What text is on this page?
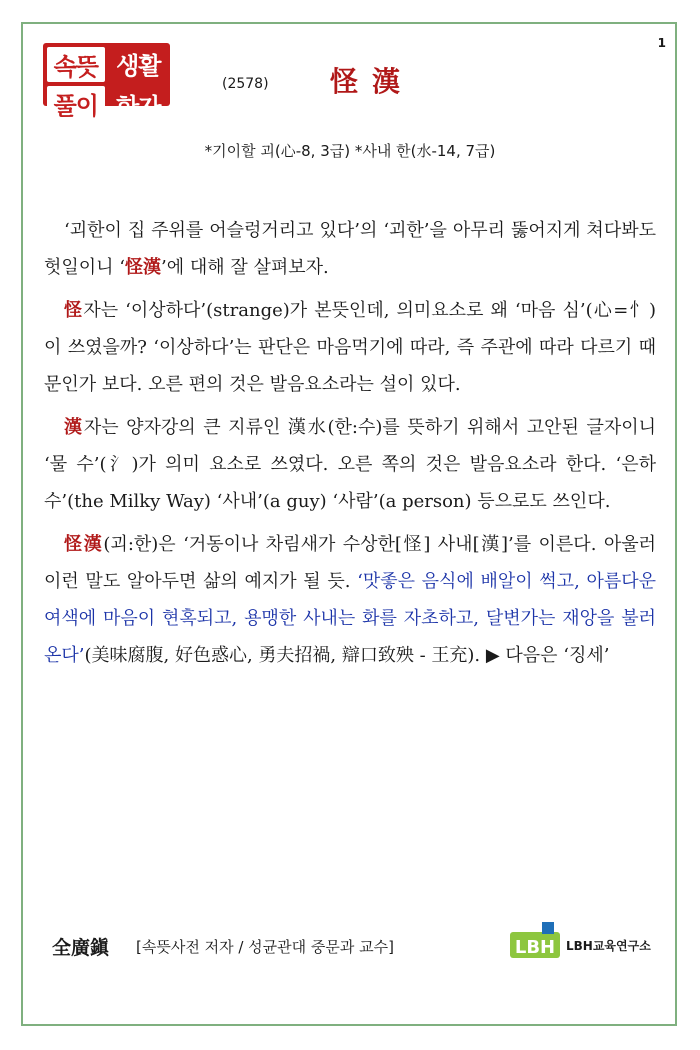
1
속뜻 생활
풀이 한자
(2578) 怪漢
*기이할 괴(心-8, 3급) *사내 한(水-14, 7급)

‘괴한이 집 주위를 어슬렁거리고 있다’의 ‘괴한’을 아무리 뚫어지게 쳐다봐도 헛일이니 ‘怪漢’에 대해 잘 살펴보자.

怪자는 ‘이상하다’(strange)가 본뜻인데, 의미요소로 왜 ‘마음 심’(心=忄)이 쓰였을까? ‘이상하다’는 판단은 마음먹기에 따라, 즉 주관에 따라 다르기 때문인가 보다. 오른 편의 것은 발음요소라는 설이 있다.

漢자는 양자강의 큰 지류인 漢水(한:수)를 뜻하기 위해서 고안된 글자이니 ‘물 수’(氵)가 의미 요소로 쓰였다. 오른 쪽의 것은 발음요소라 한다. ‘은하수’(the Milky Way) ‘사내’(a guy) ‘사람’(a person) 등으로도 쓰인다.

怪漢(괴:한)은 ‘거동이나 차림새가 수상한[怪] 사내[漢]’를 이른다. 아울러 이런 말도 알아두면 삶의 예지가 될 듯. ‘맛좋은 음식에 배알이 썩고, 아름다운 여색에 마음이 현혹되고, 용맹한 사내는 화를 자초하고, 달변가는 재앙을 불러온다’(美味腐腹, 好色惑心, 勇夫招禍, 辯口致殃 - 王充). ▶ 다음은 ‘징세’

全廣鎭 [속뜻사전 저자 / 성균관대 중문과 교수]	LBH LBH교육연구소
